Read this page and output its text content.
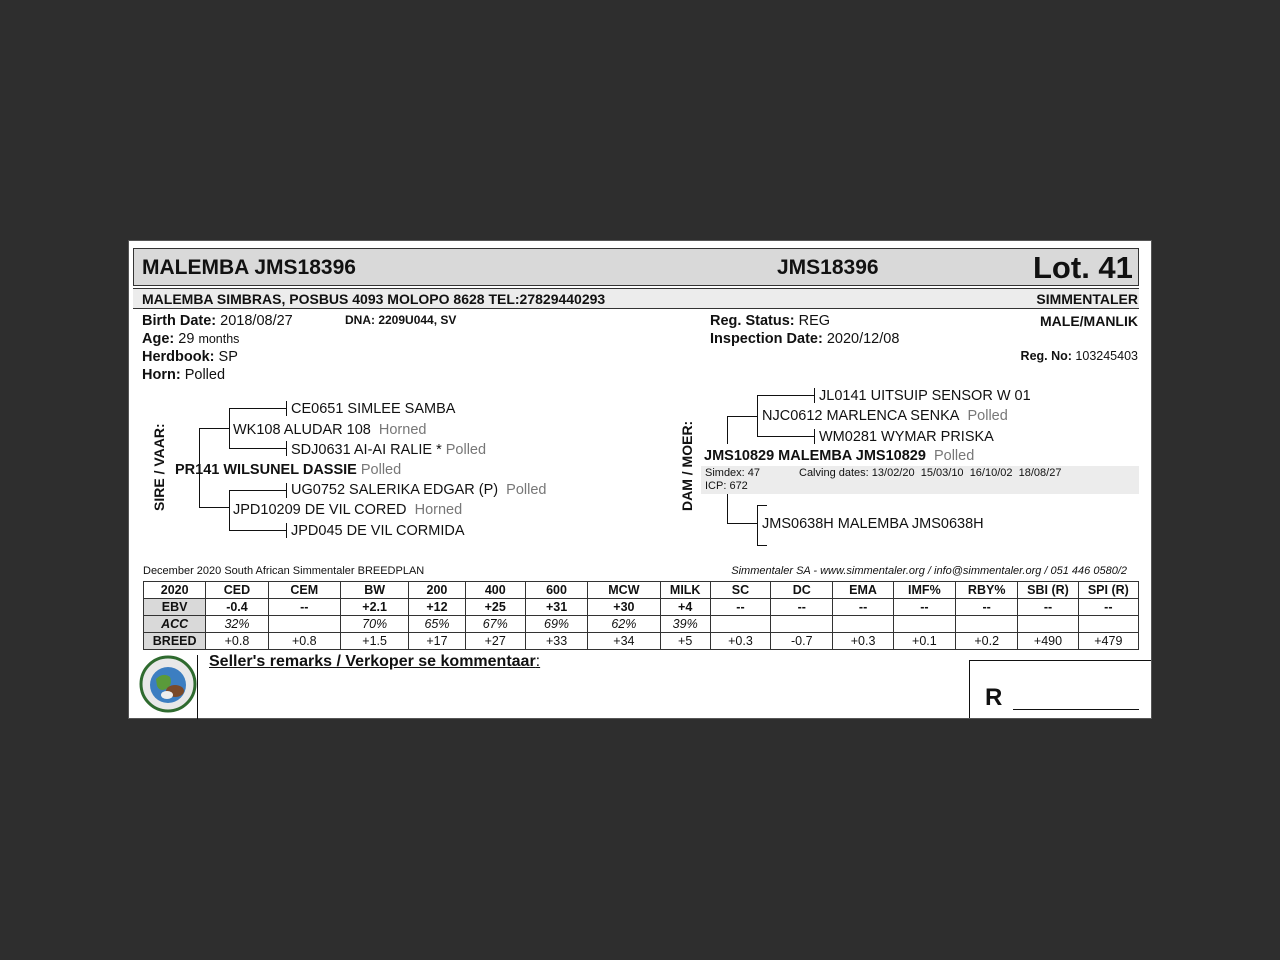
MALEMBA JMS18396	JMS18396	Lot. 41
MALEMBA SIMBRAS, POSBUS 4093 MOLOPO 8628 TEL:27829440293	SIMMENTALER
Birth Date: 2018/08/27	DNA: 2209U044, SV
Age: 29 months
Herdbook: SP
Horn: Polled
Reg. Status: REG
Inspection Date: 2020/12/08
MALE/MANLIK
Reg. No: 103245403
SIRE / VAAR:
CE0651 SIMLEE SAMBA
WK108 ALUDAR 108 Horned
SDJ0631 AI-AI RALIE * Polled
PR141 WILSUNEL DASSIE Polled
UG0752 SALERIKA EDGAR (P) Polled
JPD10209 DE VIL CORED Horned
JPD045 DE VIL CORMIDA
DAM / MOER:
JL0141 UITSUIP SENSOR W 01
NJC0612 MARLENCA SENKA Polled
WM0281 WYMAR PRISKA
JMS10829 MALEMBA JMS10829 Polled
Simdex: 47	Calving dates: 13/02/20 15/03/10 16/10/02 18/08/27
ICP: 672
JMS0638H MALEMBA JMS0638H
December 2020 South African Simmentaler BREEDPLAN	Simmentaler SA - www.simmentaler.org / info@simmentaler.org / 051 446 0580/2
2020	CED	CEM	BW	200	400	600	MCW	MILK	SC	DC	EMA	IMF%	RBY%	SBI (R)	SPI (R)
EBV	-0.4	--	+2.1	+12	+25	+31	+30	+4	--	--	--	--	--	--	--
ACC	32%		70%	65%	67%	69%	62%	39%							
BREED	+0.8	+0.8	+1.5	+17	+27	+33	+34	+5	+0.3	-0.7	+0.3	+0.1	+0.2	+490	+479
Seller's remarks / Verkoper se kommentaar:
R
